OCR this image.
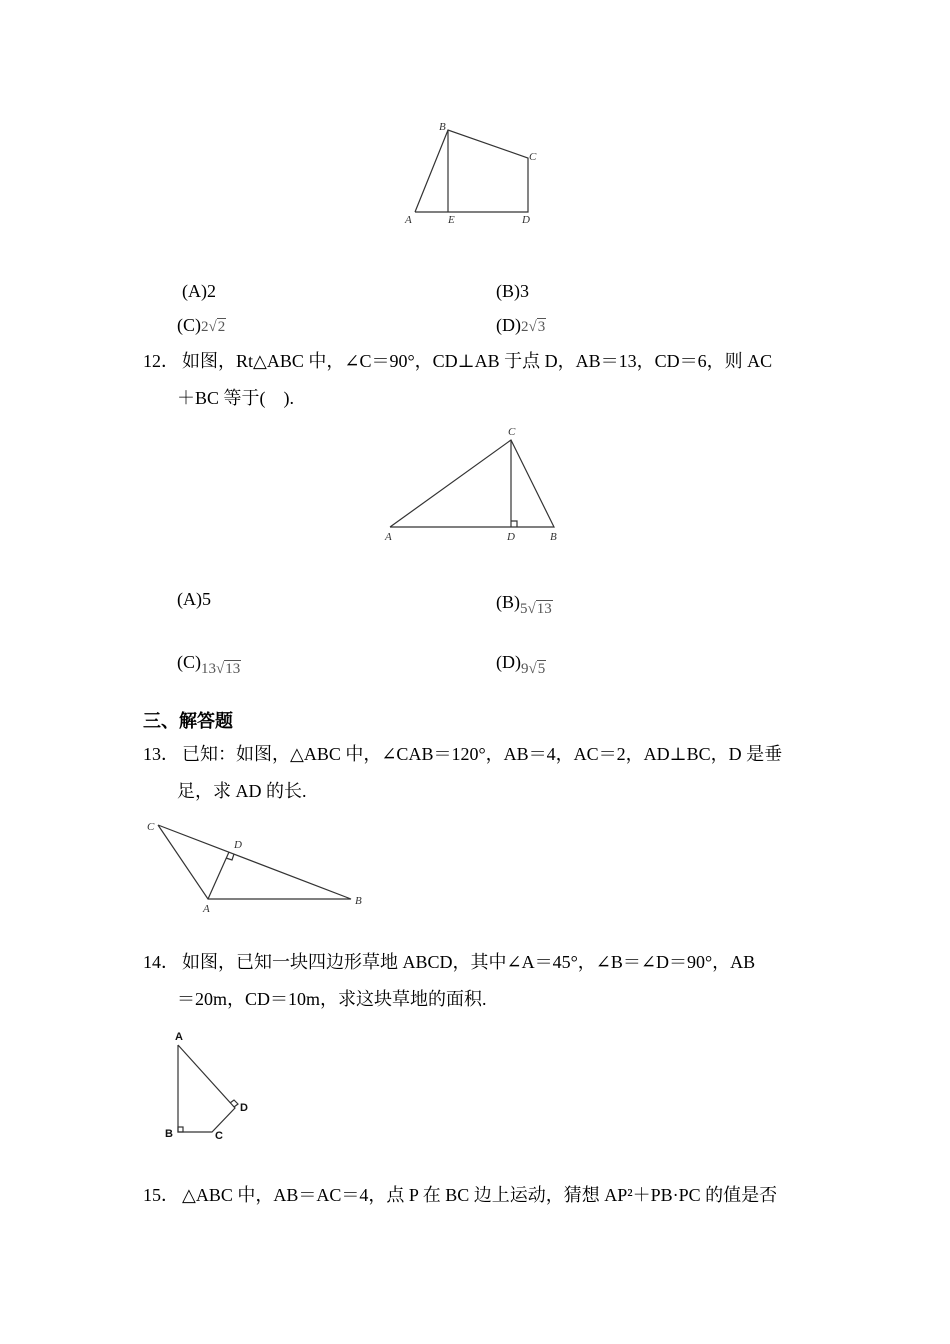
B
C
A	E	D
(A)2	(B)3
(C)2√2	(D)2√3
12． 如图，Rt△ABC 中，∠C＝90°，CD⊥AB 于点 D，AB＝13，CD＝6，则 AC
＋BC 等于(　).
C
A	D	B
(A)5	(B)5√13
(C)13√13	(D)9√5
三、解答题
13． 已知：如图，△ABC 中，∠CAB＝120°，AB＝4，AC＝2，AD⊥BC，D 是垂
足，求 AD 的长.
C
D
A
B
14． 如图，已知一块四边形草地 ABCD，其中∠A＝45°，∠B＝∠D＝90°，AB
＝20m，CD＝10m，求这块草地的面积.
A
B	C
D
15． △ABC 中，AB＝AC＝4，点 P 在 BC 边上运动，猜想 AP²＋PB·PC 的值是否
